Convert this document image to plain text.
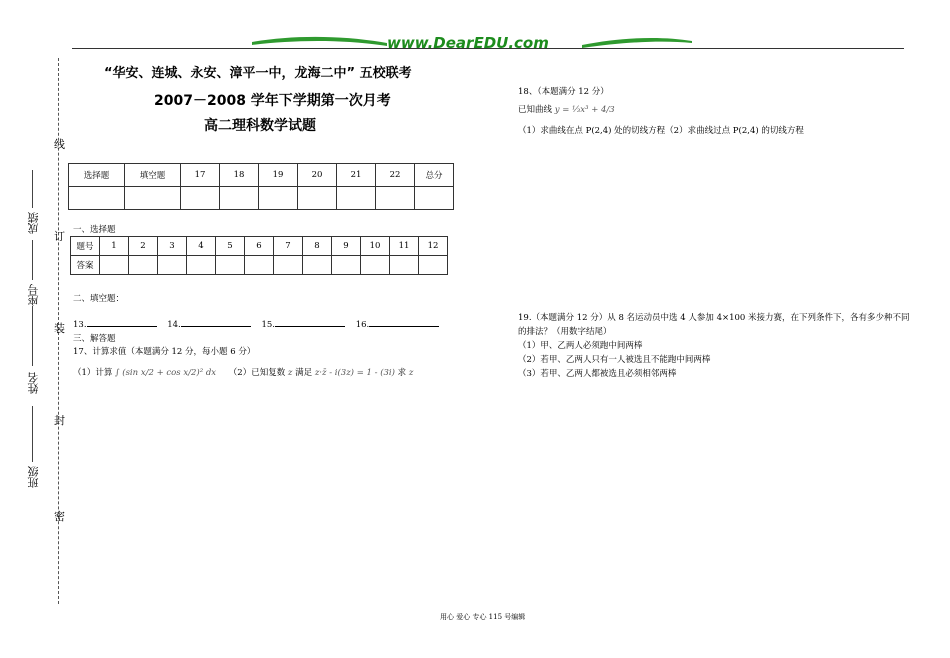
www.DearEDU.com
班级
姓名
座号
成绩
线
订
装
封
密
“华安、连城、永安、漳平一中，龙海二中” 五校联考
2007－2008 学年下学期第一次月考
高二理科数学试题
选择题	填空题	17	18	19	20	21	22	总分

一、选择题
题号	1	2	3	4	5	6	7	8	9	10	11	12
答案												
二、填空题：
13.	14.	15.	16.
三、解答题
17、计算求值（本题满分 12 分，每小题 6 分）
（1）计算 ∫ (sin x/2 + cos x/2)² dx （2）已知复数 z 满足 z·z̄ - i(3z) = 1 - (3i) 求 z
18、（本题满分 12 分）
已知曲线 y = ⅓x³ + 4/3
（1）求曲线在点 P(2,4) 处的切线方程（2）求曲线过点 P(2,4) 的切线方程
19.（本题满分 12 分）从 8 名运动员中选 4 人参加 4×100 米接力赛，在下列条件下，各有多少种不同
的排法？（用数字结尾）
（1）甲、乙两人必须跑中间两棒
（2）若甲、乙两人只有一人被选且不能跑中间两棒
（3）若甲、乙两人都被选且必须相邻两棒
用心 爱心 专心 115 号编辑
